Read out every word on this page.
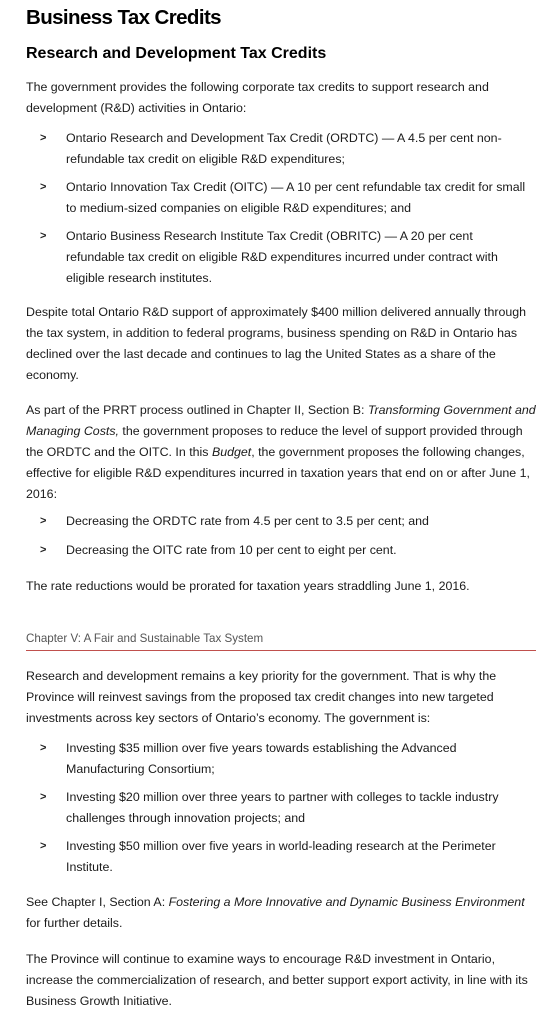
Business Tax Credits
Research and Development Tax Credits

The government provides the following corporate tax credits to support research and development (R&D) activities in Ontario:

> Ontario Research and Development Tax Credit (ORDTC) — A 4.5 per cent non-refundable tax credit on eligible R&D expenditures;
> Ontario Innovation Tax Credit (OITC) — A 10 per cent refundable tax credit for small to medium-sized companies on eligible R&D expenditures; and
> Ontario Business Research Institute Tax Credit (OBRITC) — A 20 per cent refundable tax credit on eligible R&D expenditures incurred under contract with eligible research institutes.

Despite total Ontario R&D support of approximately $400 million delivered annually through the tax system, in addition to federal programs, business spending on R&D in Ontario has declined over the last decade and continues to lag the United States as a share of the economy.

As part of the PRRT process outlined in Chapter II, Section B: Transforming Government and Managing Costs, the government proposes to reduce the level of support provided through the ORDTC and the OITC. In this Budget, the government proposes the following changes, effective for eligible R&D expenditures incurred in taxation years that end on or after June 1, 2016:

> Decreasing the ORDTC rate from 4.5 per cent to 3.5 per cent; and
> Decreasing the OITC rate from 10 per cent to eight per cent.

The rate reductions would be prorated for taxation years straddling June 1, 2016.

Chapter V: A Fair and Sustainable Tax System

Research and development remains a key priority for the government. That is why the Province will reinvest savings from the proposed tax credit changes into new targeted investments across key sectors of Ontario’s economy. The government is:

> Investing $35 million over five years towards establishing the Advanced Manufacturing Consortium;
> Investing $20 million over three years to partner with colleges to tackle industry challenges through innovation projects; and
> Investing $50 million over five years in world-leading research at the Perimeter Institute.

See Chapter I, Section A: Fostering a More Innovative and Dynamic Business Environment for further details.

The Province will continue to examine ways to encourage R&D investment in Ontario, increase the commercialization of research, and better support export activity, in line with its Business Growth Initiative.
